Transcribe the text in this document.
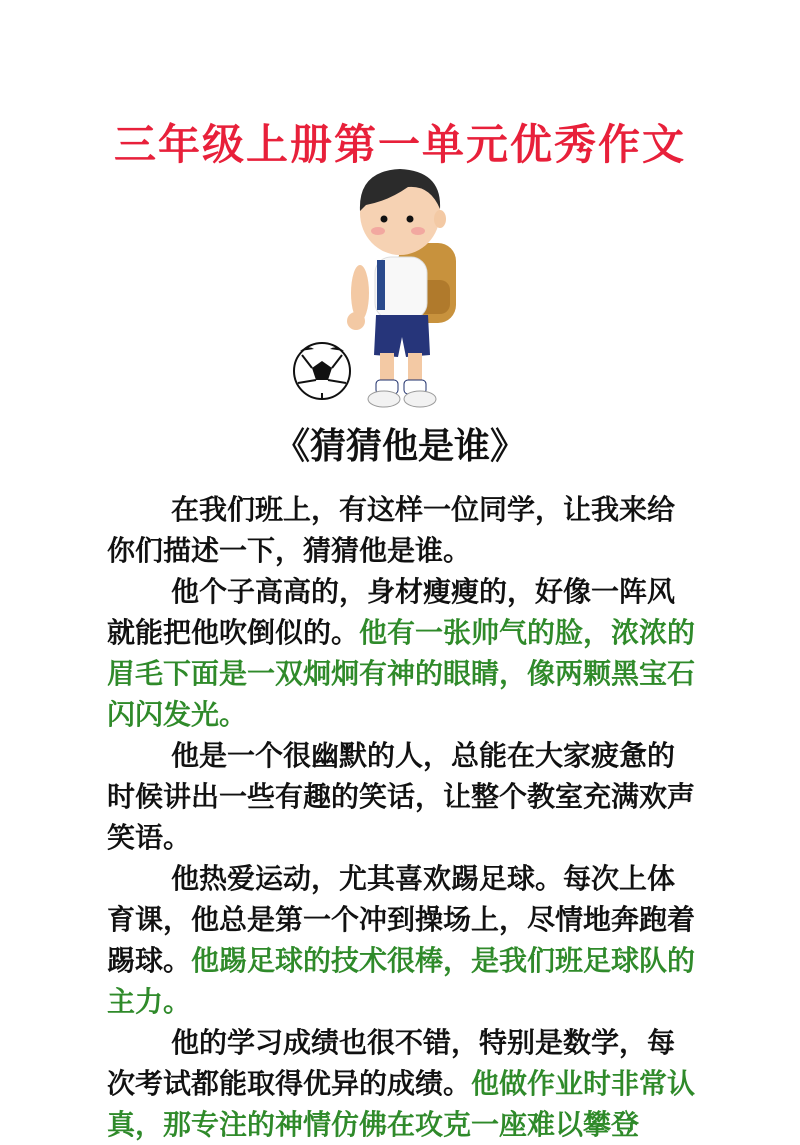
三年级上册第一单元优秀作文
《猜猜他是谁》

在我们班上，有这样一位同学，让我来给你们描述一下，猜猜他是谁。

他个子高高的，身材瘦瘦的，好像一阵风就能把他吹倒似的。他有一张帅气的脸，浓浓的眉毛下面是一双炯炯有神的眼睛，像两颗黑宝石闪闪发光。

他是一个很幽默的人，总能在大家疲惫的时候讲出一些有趣的笑话，让整个教室充满欢声笑语。

他热爱运动，尤其喜欢踢足球。每次上体育课，他总是第一个冲到操场上，尽情地奔跑着踢球。他踢足球的技术很棒，是我们班足球队的主力。

他的学习成绩也很不错，特别是数学，每次考试都能取得优异的成绩。他做作业时非常认真，那专注的神情仿佛在攻克一座难以攀登
